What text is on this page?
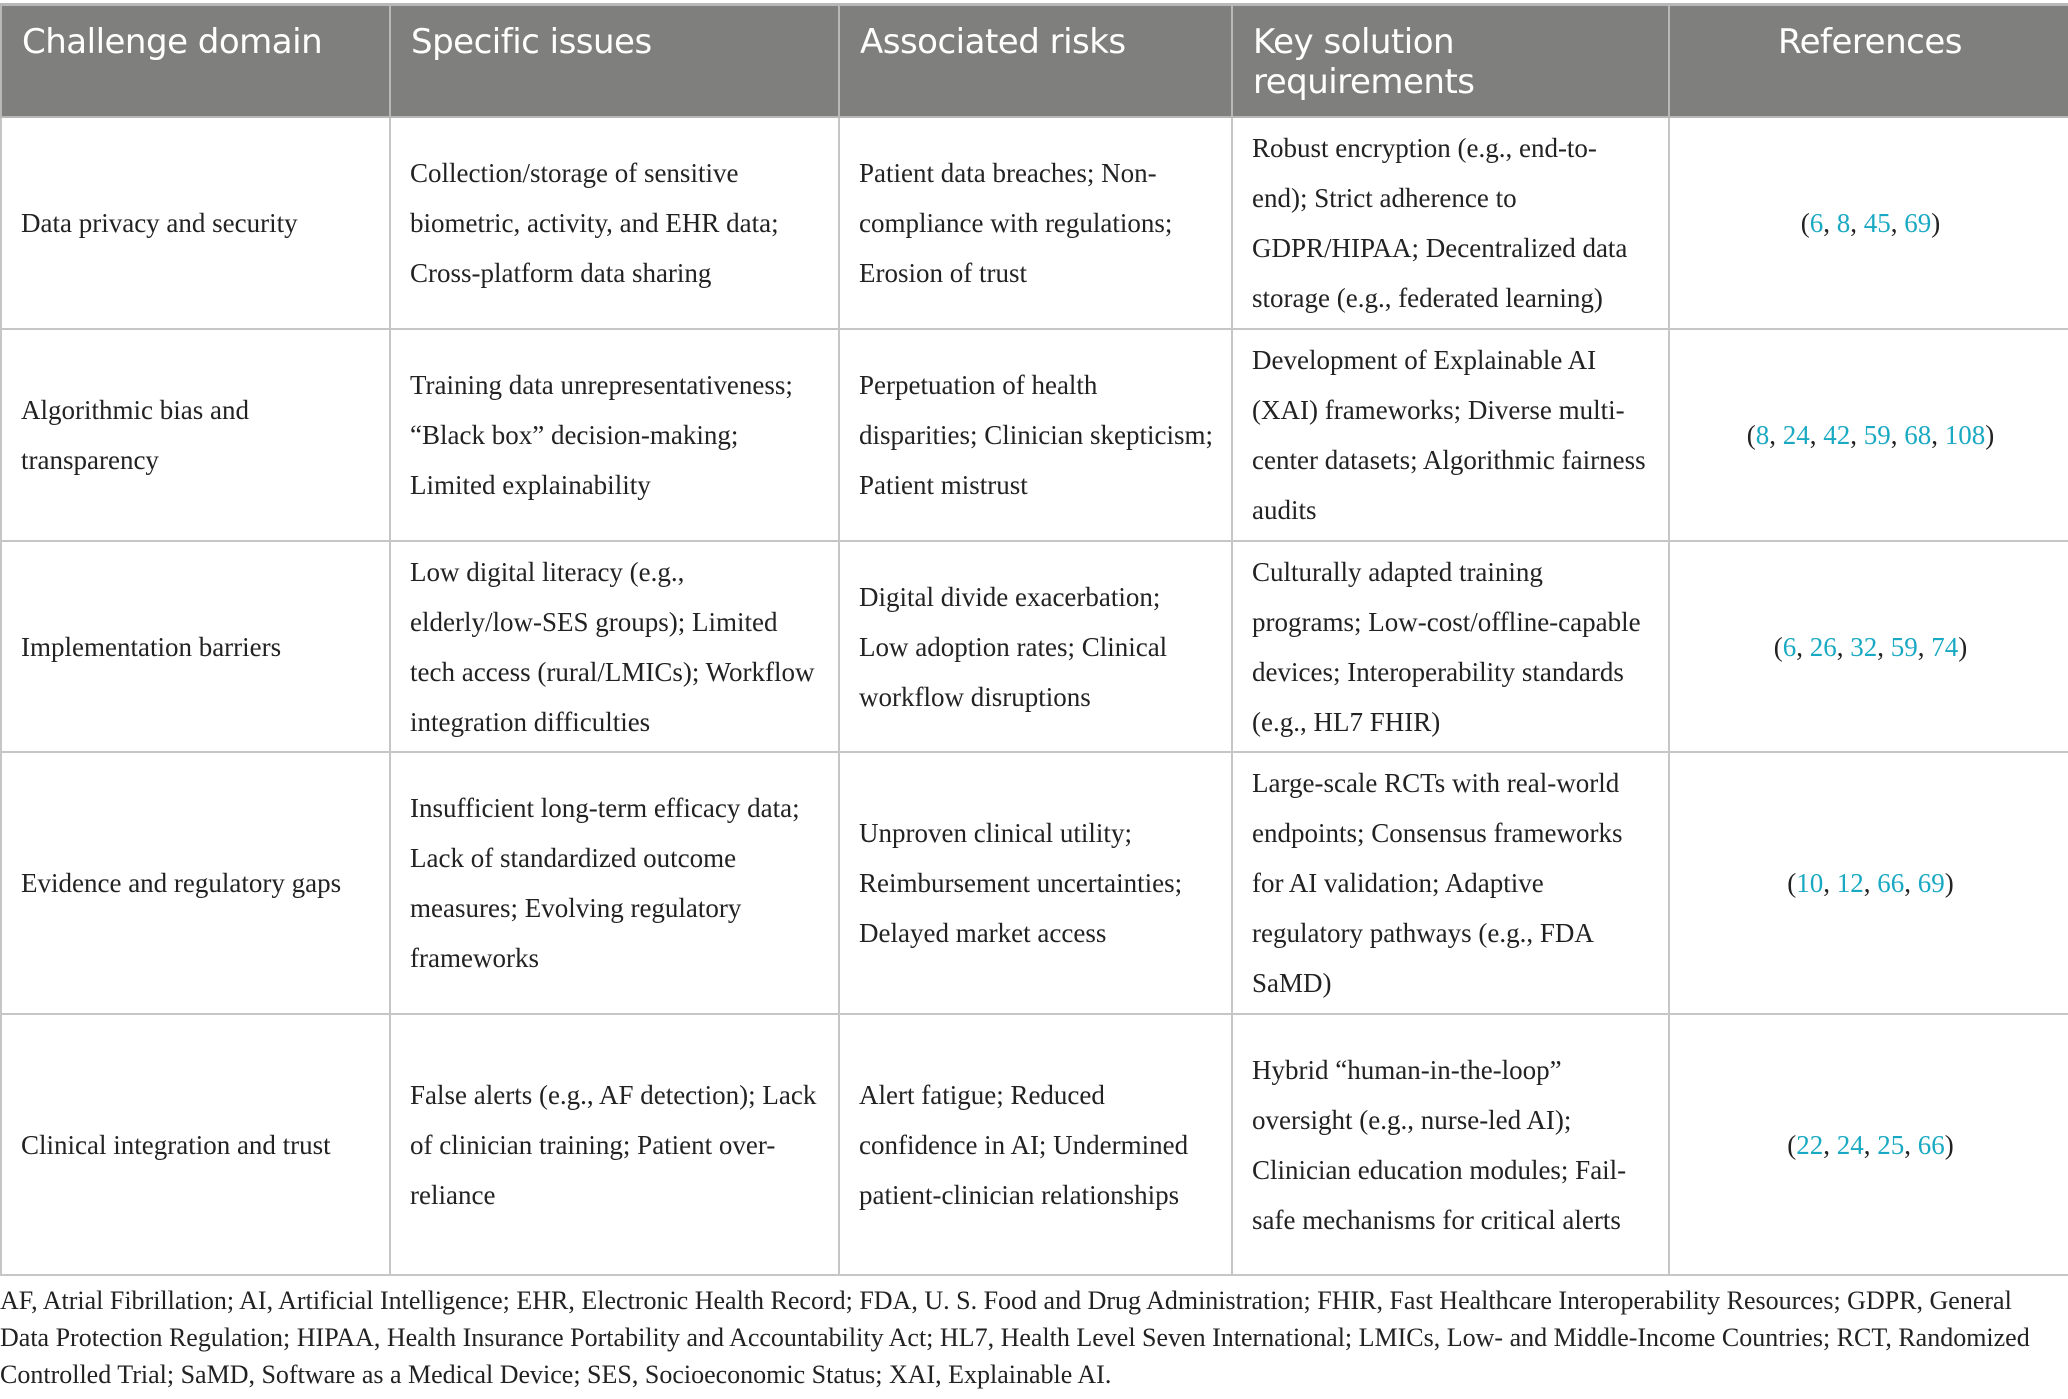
Challenge domain	Specific issues	Associated risks	Key solution requirements	References
Data privacy and security	Collection/storage of sensitive biometric, activity, and EHR data; Cross-platform data sharing	Patient data breaches; Non-compliance with regulations; Erosion of trust	Robust encryption (e.g., end-to-end); Strict adherence to GDPR/HIPAA; Decentralized data storage (e.g., federated learning)	(6, 8, 45, 69)
Algorithmic bias and transparency	Training data unrepresentativeness; “Black box” decision-making; Limited explainability	Perpetuation of health disparities; Clinician skepticism; Patient mistrust	Development of Explainable AI (XAI) frameworks; Diverse multi-center datasets; Algorithmic fairness audits	(8, 24, 42, 59, 68, 108)
Implementation barriers	Low digital literacy (e.g., elderly/low-SES groups); Limited tech access (rural/LMICs); Workflow integration difficulties	Digital divide exacerbation; Low adoption rates; Clinical workflow disruptions	Culturally adapted training programs; Low-cost/offline-capable devices; Interoperability standards (e.g., HL7 FHIR)	(6, 26, 32, 59, 74)
Evidence and regulatory gaps	Insufficient long-term efficacy data; Lack of standardized outcome measures; Evolving regulatory frameworks	Unproven clinical utility; Reimbursement uncertainties; Delayed market access	Large-scale RCTs with real-world endpoints; Consensus frameworks for AI validation; Adaptive regulatory pathways (e.g., FDA SaMD)	(10, 12, 66, 69)
Clinical integration and trust	False alerts (e.g., AF detection); Lack of clinician training; Patient over-reliance	Alert fatigue; Reduced confidence in AI; Undermined patient-clinician relationships	Hybrid “human-in-the-loop” oversight (e.g., nurse-led AI); Clinician education modules; Fail-safe mechanisms for critical alerts	(22, 24, 25, 66)
AF, Atrial Fibrillation; AI, Artificial Intelligence; EHR, Electronic Health Record; FDA, U. S. Food and Drug Administration; FHIR, Fast Healthcare Interoperability Resources; GDPR, General Data Protection Regulation; HIPAA, Health Insurance Portability and Accountability Act; HL7, Health Level Seven International; LMICs, Low- and Middle-Income Countries; RCT, Randomized Controlled Trial; SaMD, Software as a Medical Device; SES, Socioeconomic Status; XAI, Explainable AI.
